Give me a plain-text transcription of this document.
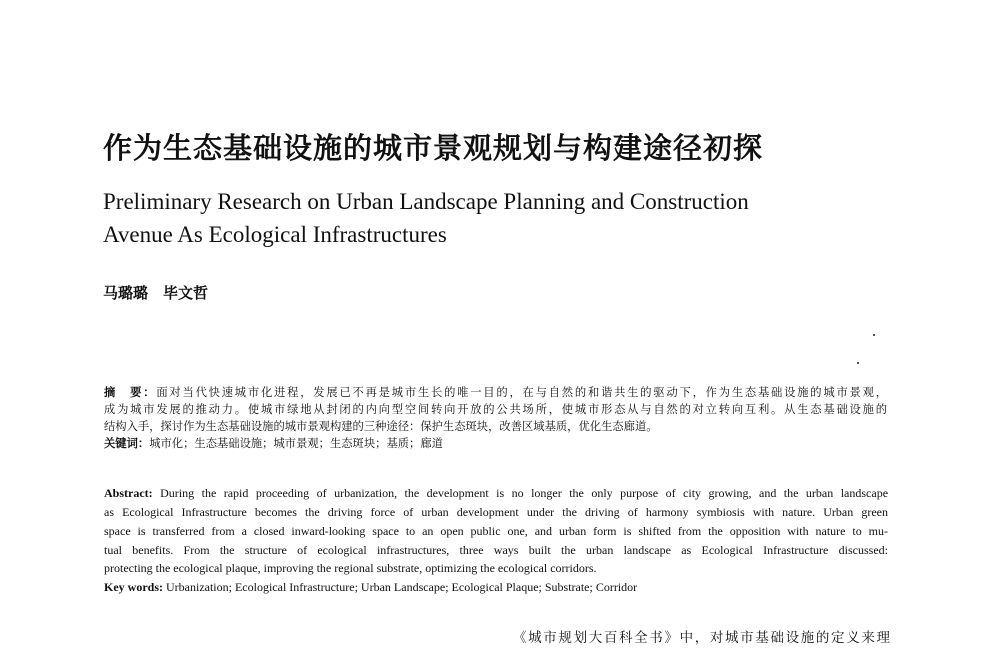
作为生态基础设施的城市景观规划与构建途径初探
Preliminary Research on Urban Landscape Planning and Construction
Avenue As Ecological Infrastructures
马璐璐　毕文哲
摘　要：面对当代快速城市化进程，发展已不再是城市生长的唯一目的，在与自然的和谐共生的驱动下，作为生态基础设施的城市景观，
成为城市发展的推动力。使城市绿地从封闭的内向型空间转向开放的公共场所，使城市形态从与自然的对立转向互利。从生态基础设施的
结构入手，探讨作为生态基础设施的城市景观构建的三种途径：保护生态斑块，改善区域基质，优化生态廊道。
关键词：城市化；生态基础设施；城市景观；生态斑块；基质；廊道
Abstract: During the rapid proceeding of urbanization, the development is no longer the only purpose of city growing, and the urban landscape
as Ecological Infrastructure becomes the driving force of urban development under the driving of harmony symbiosis with nature. Urban green
space is transferred from a closed inward-looking space to an open public one, and urban form is shifted from the opposition with nature to mu-
tual benefits. From the structure of ecological infrastructures, three ways built the urban landscape as Ecological Infrastructure discussed:
protecting the ecological plaque, improving the regional substrate, optimizing the ecological corridors.
Key words: Urbanization; Ecological Infrastructure; Urban Landscape; Ecological Plaque; Substrate; Corridor
《城市规划大百科全书》中，对城市基础设施的定义来理
